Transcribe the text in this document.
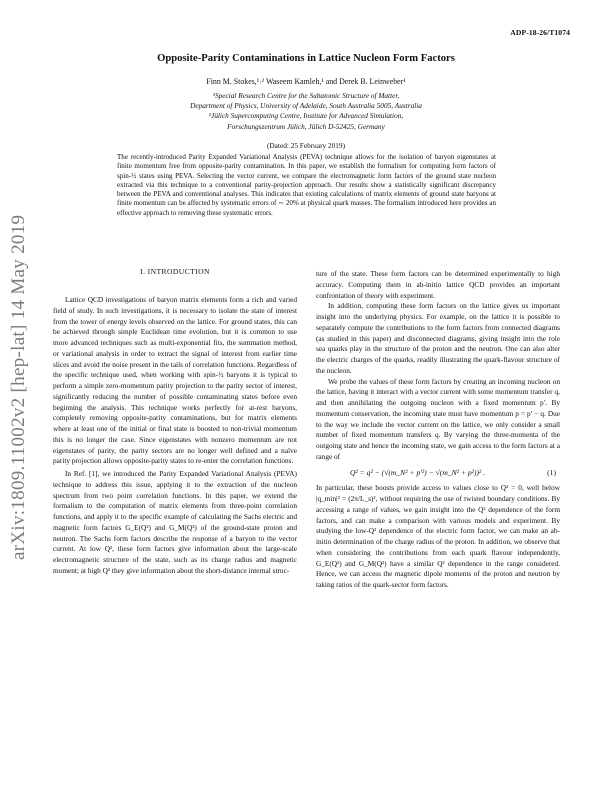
ADP-18-26/T1074
Opposite-Parity Contaminations in Lattice Nucleon Form Factors
Finn M. Stokes,¹˒² Waseem Kamleh,¹ and Derek B. Leinweber¹
¹Special Research Centre for the Subatomic Structure of Matter,
Department of Physics, University of Adelaide, South Australia 5005, Australia
²Jülich Supercomputing Centre, Institute for Advanced Simulation,
Forschungszentrum Jülich, Jülich D-52425, Germany
(Dated: 25 February 2019)
The recently-introduced Parity Expanded Variational Analysis (PEVA) technique allows for the isolation of baryon eigenstates at finite momentum free from opposite-parity contamination. In this paper, we establish the formalism for computing form factors of spin-½ states using PEVA. Selecting the vector current, we compare the electromagnetic form factors of the ground state nucleon extracted via this technique to a conventional parity-projection approach. Our results show a statistically significant discrepancy between the PEVA and conventional analyses. This indicates that existing calculations of matrix elements of ground state baryons at finite momentum can be affected by systematic errors of ∼ 20% at physical quark masses. The formalism introduced here provides an effective approach to removing these systematic errors.
arXiv:1809.11002v2 [hep-lat] 14 May 2019	I. INTRODUCTION

Lattice QCD investigations of baryon matrix elements form a rich and varied field of study. In such investigations, it is necessary to isolate the state of interest from the tower of energy levels observed on the lattice. For ground states, this can be achieved through simple Euclidean time evolution, but it is common to use more advanced techniques such as multi-exponential fits, the summation method, or variational analysis in order to extract the signal of interest from earlier time slices and avoid the noise present in the tails of correlation functions. Regardless of the specific technique used, when working with spin-½ baryons it is typical to perform a simple zero-momentum parity projection to the parity sector of interest, significantly reducing the number of possible contaminating states before even beginning the analysis. This technique works perfectly for at-rest baryons, completely removing opposite-parity contaminations, but for matrix elements where at least one of the initial or final state is boosted to non-trivial momentum this is no longer the case. Since eigenstates with nonzero momentum are not eigenstates of parity, the parity sectors are no longer well defined and a naïve parity projection allows opposite-parity states to re-enter the correlation functions.

In Ref. [1], we introduced the Parity Expanded Variational Analysis (PEVA) technique to address this issue, applying it to the extraction of the nucleon spectrum from two point correlation functions. In this paper, we extend the formalism to the computation of matrix elements from three-point correlation functions, and apply it to the specific example of calculating the Sachs electric and magnetic form factors G_E(Q²) and G_M(Q²) of the ground-state proton and neutron. The Sachs form factors describe the response of a baryon to the vector current. At low Q², these form factors give information about the large-scale electromagnetic structure of the state, such as its charge radius and magnetic moment; at high Q² they give information about the short-distance internal struc-

ture of the state. These form factors can be determined experimentally to high accuracy. Computing them in ab-initio lattice QCD provides an important confrontation of theory with experiment.

In addition, computing these form factors on the lattice gives us important insight into the underlying physics. For example, on the lattice it is possible to separately compute the contributions to the form factors from connected diagrams (as studied in this paper) and disconnected diagrams, giving insight into the role sea quarks play in the structure of the proton and the neutron. One can also alter the electric charges of the quarks, readily illustrating the quark-flavour structure of the nucleon.

We probe the values of these form factors by creating an incoming nucleon on the lattice, having it interact with a vector current with some momentum transfer q, and then annihilating the outgoing nucleon with a fixed momentum p′. By momentum conservation, the incoming state must have momentum p = p′ − q. Due to the way we include the vector current on the lattice, we only consider a small number of fixed momentum transfers q. By varying the three-momenta of the outgoing state and hence the incoming state, we gain access to the form factors at a range of

Q² = q² − (√(m_N² + p′²) − √(m_N² + p²))² .	(1)

In particular, these boosts provide access to values close to Q² = 0, well below |q_min|² = (2π/L_s)², without requiring the use of twisted boundary conditions. By accessing a range of values, we gain insight into the Q² dependence of the form factors, and can make a comparison with various models and experiment. By studying the low-Q² dependence of the electric form factor, we can make an ab-initio determination of the charge radius of the proton. In addition, we observe that when considering the contributions from each quark flavour independently, G_E(Q²) and G_M(Q²) have a similar Q² dependence in the range considered. Hence, we can access the magnetic dipole moments of the proton and neutron by taking ratios of the quark-sector form factors.
